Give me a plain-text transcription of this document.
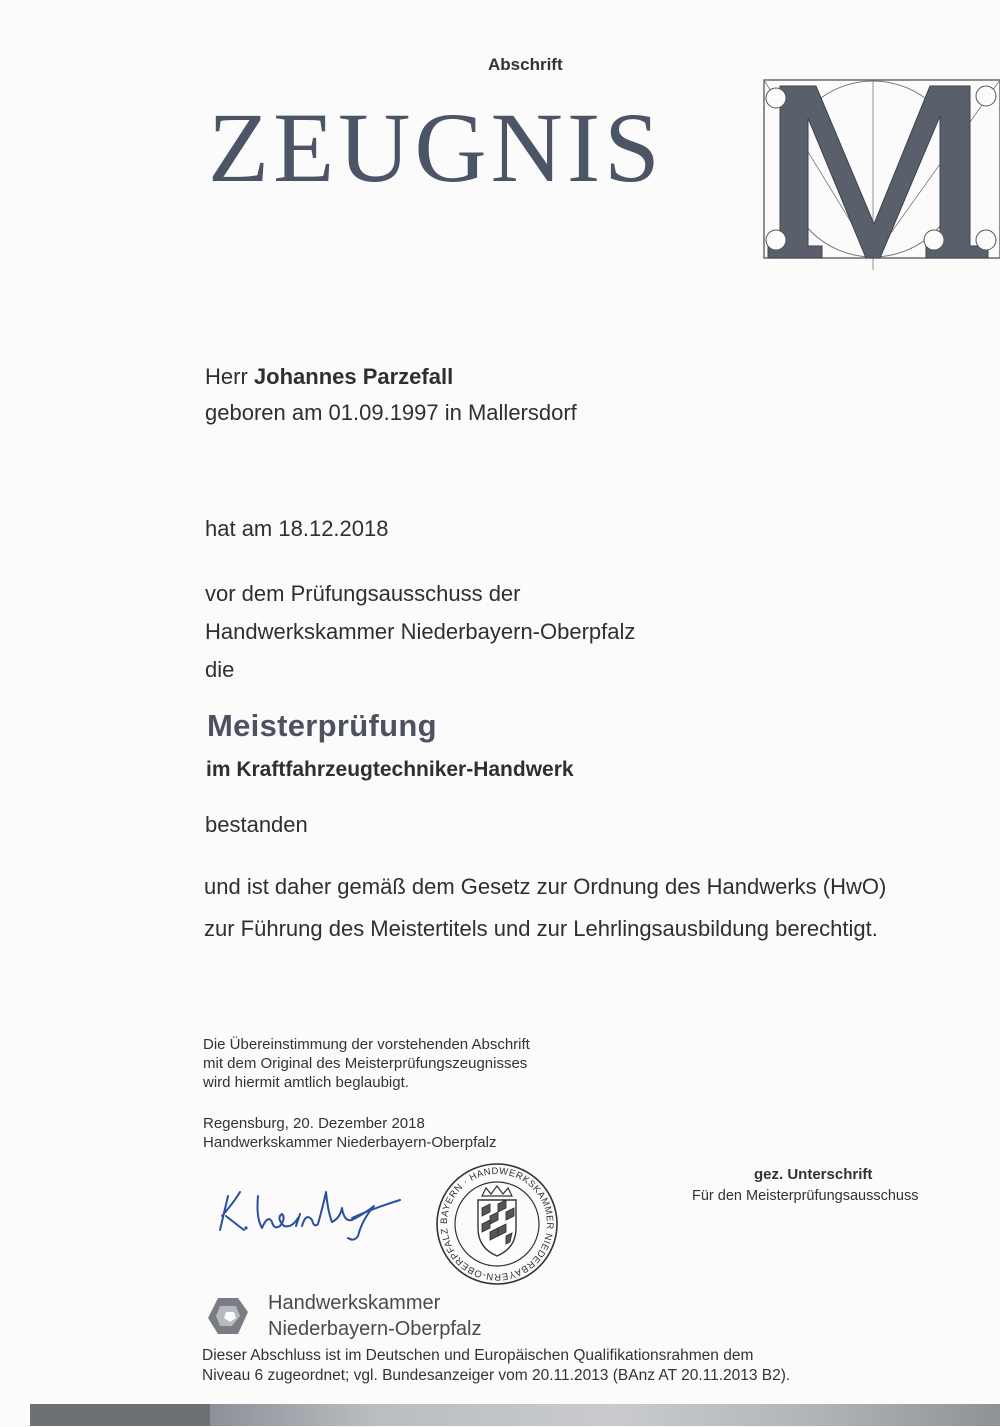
Abschrift
ZEUGNIS
Herr Johannes Parzefall
geboren am 01.09.1997 in Mallersdorf
hat am 18.12.2018
vor dem Prüfungsausschuss der
Handwerkskammer Niederbayern-Oberpfalz
die
Meisterprüfung
im Kraftfahrzeugtechniker-Handwerk
bestanden
und ist daher gemäß dem Gesetz zur Ordnung des Handwerks (HwO)
zur Führung des Meistertitels und zur Lehrlingsausbildung berechtigt.
Die Übereinstimmung der vorstehenden Abschrift
mit dem Original des Meisterprüfungszeugnisses
wird hiermit amtlich beglaubigt.
Regensburg, 20. Dezember 2018
Handwerkskammer Niederbayern-Oberpfalz
gez. Unterschrift
Für den Meisterprüfungsausschuss
BAYERN · HANDWERKSKAMMER NIEDERBAYERN-OBERPFALZ
Handwerkskammer
Niederbayern-Oberpfalz
Dieser Abschluss ist im Deutschen und Europäischen Qualifikationsrahmen dem
Niveau 6 zugeordnet; vgl. Bundesanzeiger vom 20.11.2013 (BAnz AT 20.11.2013 B2).
